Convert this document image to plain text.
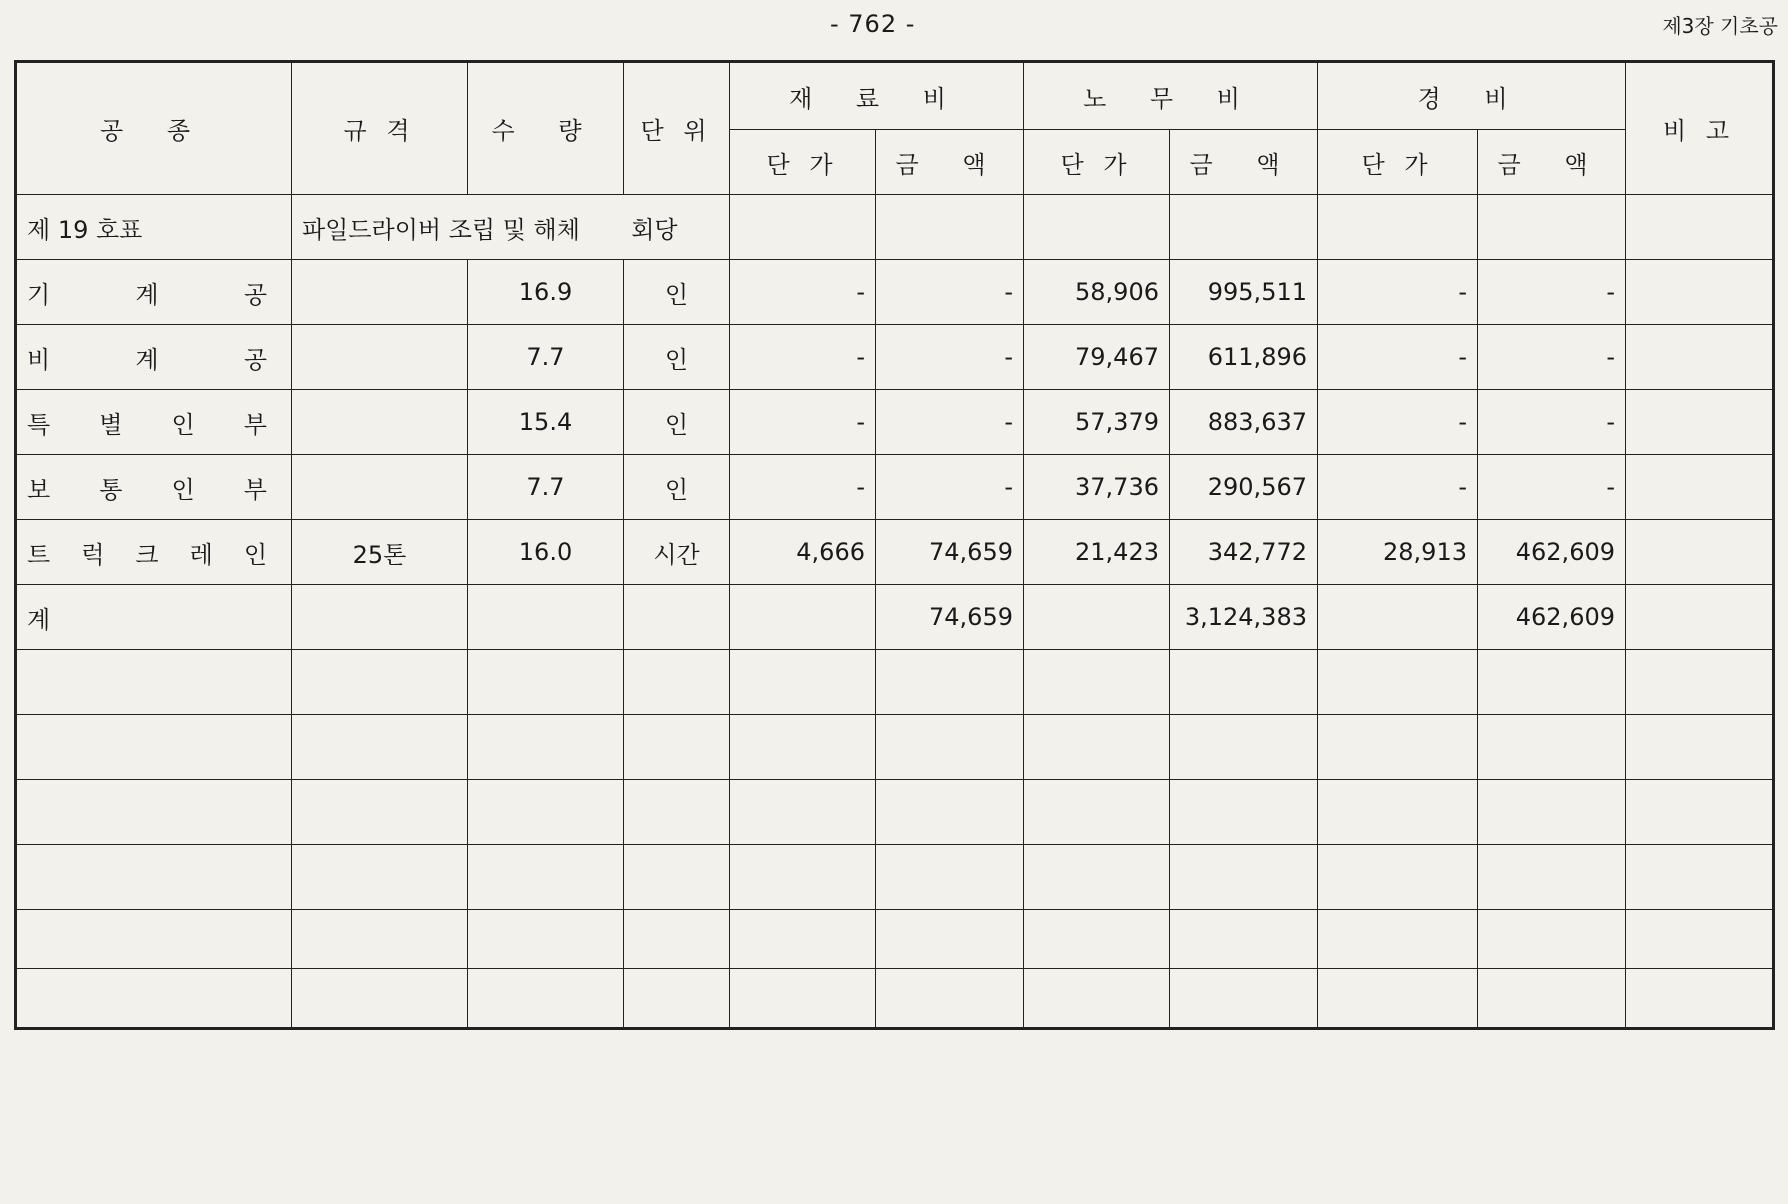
- 762 -	제3장 기초공
공 종	규 격	수 량	단 위	재 료 비		노 무 비		경 비		비 고
				단 가	금 액	단 가	금 액	단 가	금 액	
제 19 호표	파일드라이버 조립 및 해체 회당									

기 계 공		16.9	인	-	-	58,906	995,511	-	-	

비 계 공		7.7	인	-	-	79,467	611,896	-	-	

특 별 인 부		15.4	인	-	-	57,379	883,637	-	-	

보 통 인 부		7.7	인	-	-	37,736	290,567	-	-	

트 럭 크 레 인	25톤	16.0	시간	4,666	74,659	21,423	342,772	28,913	462,609	
계					74,659		3,124,383		462,609	
